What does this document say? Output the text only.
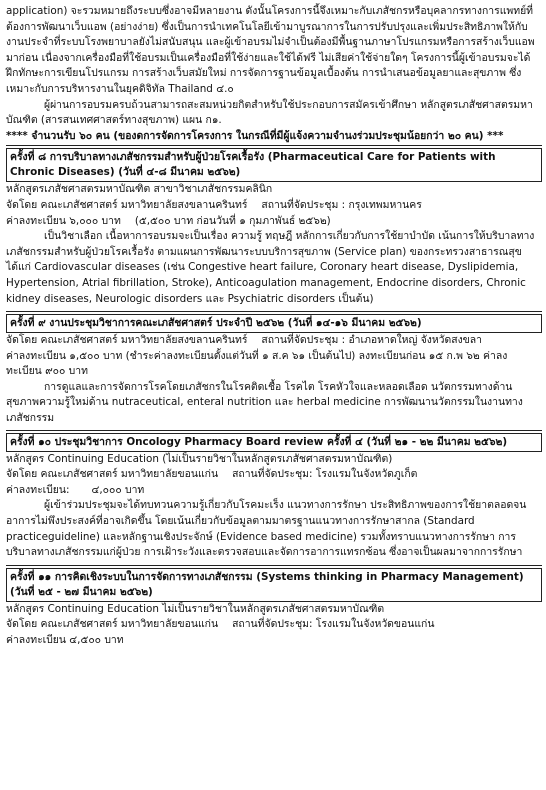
application) จะรวมหมายถึงระบบซึ่งอาจมีหลายงาน ดังนั้นโครงการนี้จึงเหมาะกับเภสัชกรหรือบุคลากรทางการแพทย์ที่ต้องการพัฒนาเว็บแอพ (อย่างง่าย) ซึ่งเป็นการนำเทคโนโลยีเข้ามาบูรณาการในการปรับปรุงและเพิ่มประสิทธิภาพให้กับงานประจำที่ระบบโรงพยาบาลยังไม่สนับสนุน และผู้เข้าอบรมไม่จำเป็นต้องมีพื้นฐานภาษาโปรแกรมหรือการสร้างเว็บแอพมาก่อน เนื่องจากเครื่องมือที่ใช้อบรมเป็นเครื่องมือที่ใช้ง่ายและใช้ได้ฟรี ไม่เสียค่าใช้จ่ายใดๆ โครงการนี้ผู้เข้าอบรมจะได้ฝึกทักษะการเขียนโปรแกรม การสร้างเว็บสมัยใหม่ การจัดการฐานข้อมูลเบื้องต้น การนำเสนอข้อมูลยาและสุขภาพ ซึ่งเหมาะกับการบริหารงานในยุคดิจิทัล Thailand ๔.๐

ผู้ผ่านการอบรมครบถ้วนสามารถสะสมหน่วยกิตสำหรับใช้ประกอบการสมัครเข้าศึกษา หลักสูตรเภสัชศาสตรมหาบัณฑิต (สารสนเทศศาสตร์ทางสุขภาพ) แผน ก๑.

**** จำนวนรับ ๖๐ คน (ของดการจัดการโครงการ ในกรณีที่มีผู้แจ้งความจำนงร่วมประชุมน้อยกว่า ๒๐ คน) ***

ครั้งที่ ๘ การบริบาลทางเภสัชกรรมสำหรับผู้ป่วยโรคเรื้อรัง (Pharmaceutical Care for Patients with Chronic Diseases) (วันที่ ๔-๘ มีนาคม ๒๕๖๒)

หลักสูตรเภสัชศาสตรมหาบัณฑิต สาขาวิชาเภสัชกรรมคลินิก

จัดโดย คณะเภสัชศาสตร์ มหาวิทยาลัยสงขลานครินทร์ สถานที่จัดประชุม : กรุงเทพมหานคร
ค่าลงทะเบียน ๖,๐๐๐ บาท (๕,๕๐๐ บาท ก่อนวันที่ ๑ กุมภาพันธ์ ๒๕๖๒)

เป็นวิชาเลือก เนื้อหาการอบรมจะเป็นเรื่อง ความรู้ ทฤษฎี หลักการเกี่ยวกับการใช้ยาบำบัด เน้นการให้บริบาลทางเภสัชกรรมสำหรับผู้ป่วยโรคเรื้อรัง ตามแผนการพัฒนาระบบบริการสุขภาพ (Service plan) ของกระทรวงสาธารณสุข ได้แก่ Cardiovascular diseases (เช่น Congestive heart failure, Coronary heart disease, Dyslipidemia, Hypertension, Atrial fibrillation, Stroke), Anticoagulation management, Endocrine disorders, Chronic kidney diseases, Neurologic disorders และ Psychiatric disorders เป็นต้น)

ครั้งที่ ๙ งานประชุมวิชาการคณะเภสัชศาสตร์ ประจำปี ๒๕๖๒ (วันที่ ๑๔-๑๖ มีนาคม ๒๕๖๒)

จัดโดย คณะเภสัชศาสตร์ มหาวิทยาลัยสงขลานครินทร์ สถานที่จัดประชุม : อำเภอหาดใหญ่ จังหวัดสงขลา

ค่าลงทะเบียน ๑,๕๐๐ บาท (ชำระค่าลงทะเบียนตั้งแต่วันที่ ๑ ส.ค ๖๑ เป็นต้นไป) ลงทะเบียนก่อน ๑๕ ก.พ ๖๒ ค่าลงทะเบียน ๙๐๐ บาท

การดูแลและการจัดการโรคโดยเภสัชกรในโรคติดเชื้อ โรคไต โรคหัวใจและหลอดเลือด นวัตกรรมทางด้านสุขภาพความรู้ใหม่ด้าน nutraceutical, enteral nutrition และ herbal medicine การพัฒนานวัตกรรมในงานทางเภสัชกรรม

ครั้งที่ ๑๐ ประชุมวิชาการ Oncology Pharmacy Board review ครั้งที่ ๔ (วันที่ ๒๑ - ๒๒ มีนาคม ๒๕๖๒)

หลักสูตร Continuing Education (ไม่เป็นรายวิชาในหลักสูตรเภสัชศาสตรมหาบัณฑิต)

จัดโดย คณะเภสัชศาสตร์ มหาวิทยาลัยขอนแก่น สถานที่จัดประชุม: โรงแรมในจังหวัดภูเก็ต
ค่าลงทะเบียน: ๔,๐๐๐ บาท

ผู้เข้าร่วมประชุมจะได้ทบทวนความรู้เกี่ยวกับโรคมะเร็ง แนวทางการรักษา ประสิทธิภาพของการใช้ยาตลอดจนอาการไม่พึงประสงค์ที่อาจเกิดขึ้น โดยเน้นเกี่ยวกับข้อมูลตามมาตรฐานแนวทางการรักษาสากล (Standard practiceguideline) และหลักฐานเชิงประจักษ์ (Evidence based medicine) รวมทั้งทราบแนวทางการรักษา การบริบาลทางเภสัชกรรมแก่ผู้ป่วย การเฝ้าระวังและตรวจสอบและจัดการอาการแทรกซ้อน ซึ่งอาจเป็นผลมาจากการรักษา

ครั้งที่ ๑๑ การคิดเชิงระบบในการจัดการทางเภสัชกรรม (Systems thinking in Pharmacy Management) (วันที่ ๒๕ - ๒๗ มีนาคม ๒๕๖๒)

หลักสูตร Continuing Education ไม่เป็นรายวิชาในหลักสูตรเภสัชศาสตรมหาบัณฑิต

จัดโดย คณะเภสัชศาสตร์ มหาวิทยาลัยขอนแก่น สถานที่จัดประชุม: โรงแรมในจังหวัดขอนแก่น

ค่าลงทะเบียน ๔,๕๐๐ บาท
